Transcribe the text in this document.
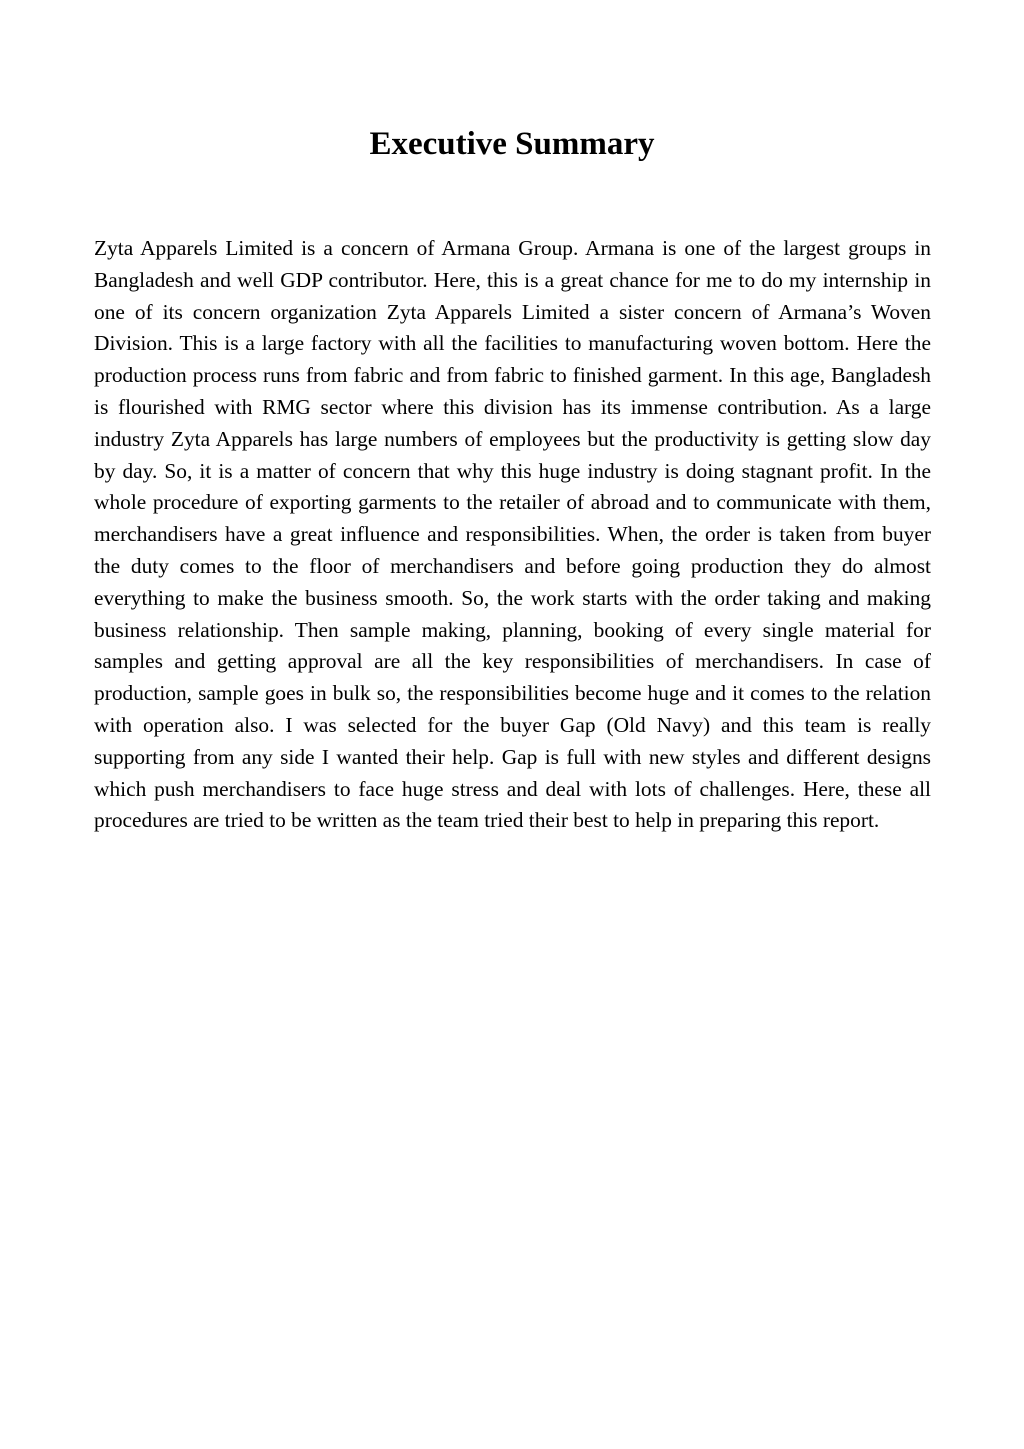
Executive Summary

Zyta Apparels Limited is a concern of Armana Group. Armana is one of the largest groups in Bangladesh and well GDP contributor. Here, this is a great chance for me to do my internship in one of its concern organization Zyta Apparels Limited a sister concern of Armana’s Woven Division. This is a large factory with all the facilities to manufacturing woven bottom. Here the production process runs from fabric and from fabric to finished garment. In this age, Bangladesh is flourished with RMG sector where this division has its immense contribution. As a large industry Zyta Apparels has large numbers of employees but the productivity is getting slow day by day. So, it is a matter of concern that why this huge industry is doing stagnant profit. In the whole procedure of exporting garments to the retailer of abroad and to communicate with them, merchandisers have a great influence and responsibilities. When, the order is taken from buyer the duty comes to the floor of merchandisers and before going production they do almost everything to make the business smooth. So, the work starts with the order taking and making business relationship. Then sample making, planning, booking of every single material for samples and getting approval are all the key responsibilities of merchandisers. In case of production, sample goes in bulk so, the responsibilities become huge and it comes to the relation with operation also. I was selected for the buyer Gap (Old Navy) and this team is really supporting from any side I wanted their help. Gap is full with new styles and different designs which push merchandisers to face huge stress and deal with lots of challenges. Here, these all procedures are tried to be written as the team tried their best to help in preparing this report.
